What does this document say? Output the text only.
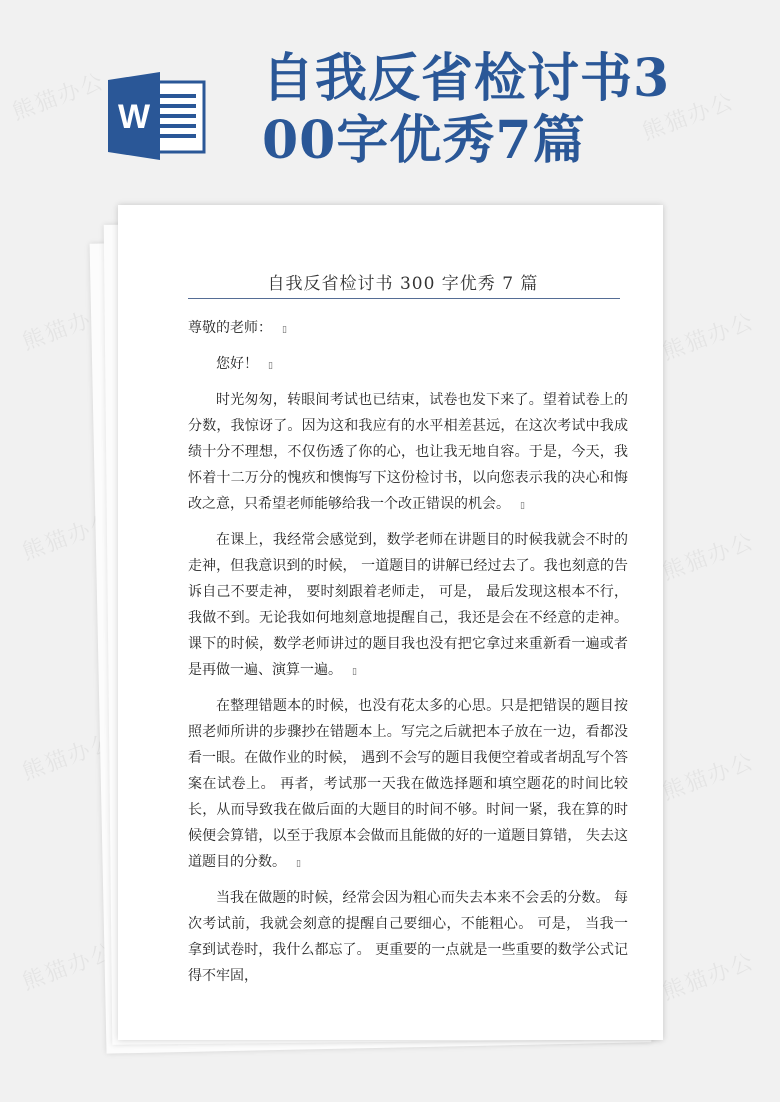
熊猫办公	熊猫办公
熊猫办公	熊猫办公
熊猫办公	熊猫办公
熊猫办公	熊猫办公
熊猫办公	熊猫办公
W
自我反省检讨书300字优秀7篇
自我反省检讨书 300 字优秀 7 篇

尊敬的老师： ▯

您好！ ▯

时光匆匆，转眼间考试也已结束，试卷也发下来了。望着试卷上的分数，我惊讶了。因为这和我应有的水平相差甚远，在这次考试中我成绩十分不理想，不仅伤透了你的心，也让我无地自容。于是，今天，我怀着十二万分的愧疚和懊悔写下这份检讨书，以向您表示我的决心和悔改之意，只希望老师能够给我一个改正错误的机会。 ▯

在课上，我经常会感觉到，数学老师在讲题目的时候我就会不时的走神，但我意识到的时候， 一道题目的讲解已经过去了。我也刻意的告诉自己不要走神， 要时刻跟着老师走， 可是， 最后发现这根本不行，我做不到。无论我如何地刻意地提醒自己，我还是会在不经意的走神。课下的时候，数学老师讲过的题目我也没有把它拿过来重新看一遍或者是再做一遍、演算一遍。 ▯

在整理错题本的时候，也没有花太多的心思。只是把错误的题目按照老师所讲的步骤抄在错题本上。写完之后就把本子放在一边，看都没看一眼。在做作业的时候， 遇到不会写的题目我便空着或者胡乱写个答案在试卷上。 再者，考试那一天我在做选择题和填空题花的时间比较长，从而导致我在做后面的大题目的时间不够。时间一紧，我在算的时候便会算错，以至于我原本会做而且能做的好的一道题目算错， 失去这道题目的分数。 ▯

当我在做题的时候，经常会因为粗心而失去本来不会丢的分数。 每次考试前，我就会刻意的提醒自己要细心，不能粗心。 可是， 当我一拿到试卷时，我什么都忘了。 更重要的一点就是一些重要的数学公式记得不牢固，
